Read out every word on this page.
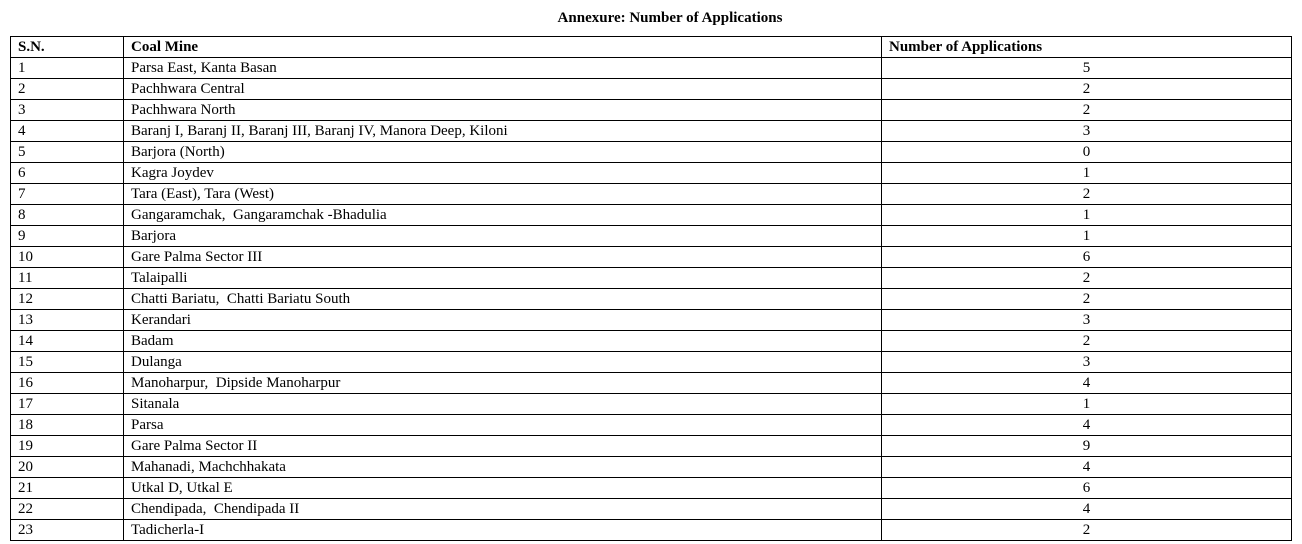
Annexure: Number of Applications
S.N.	Coal Mine	Number of Applications
1	Parsa East, Kanta Basan	5
2	Pachhwara Central	2
3	Pachhwara North	2
4	Baranj I, Baranj II, Baranj III, Baranj IV, Manora Deep, Kiloni	3
5	Barjora (North)	0
6	Kagra Joydev	1
7	Tara (East), Tara (West)	2
8	Gangaramchak,  Gangaramchak -Bhadulia	1
9	Barjora	1
10	Gare Palma Sector III	6
11	Talaipalli	2
12	Chatti Bariatu,  Chatti Bariatu South	2
13	Kerandari	3
14	Badam	2
15	Dulanga	3
16	Manoharpur,  Dipside Manoharpur	4
17	Sitanala	1
18	Parsa	4
19	Gare Palma Sector II	9
20	Mahanadi, Machchhakata	4
21	Utkal D, Utkal E	6
22	Chendipada,  Chendipada II	4
23	Tadicherla-I	2
